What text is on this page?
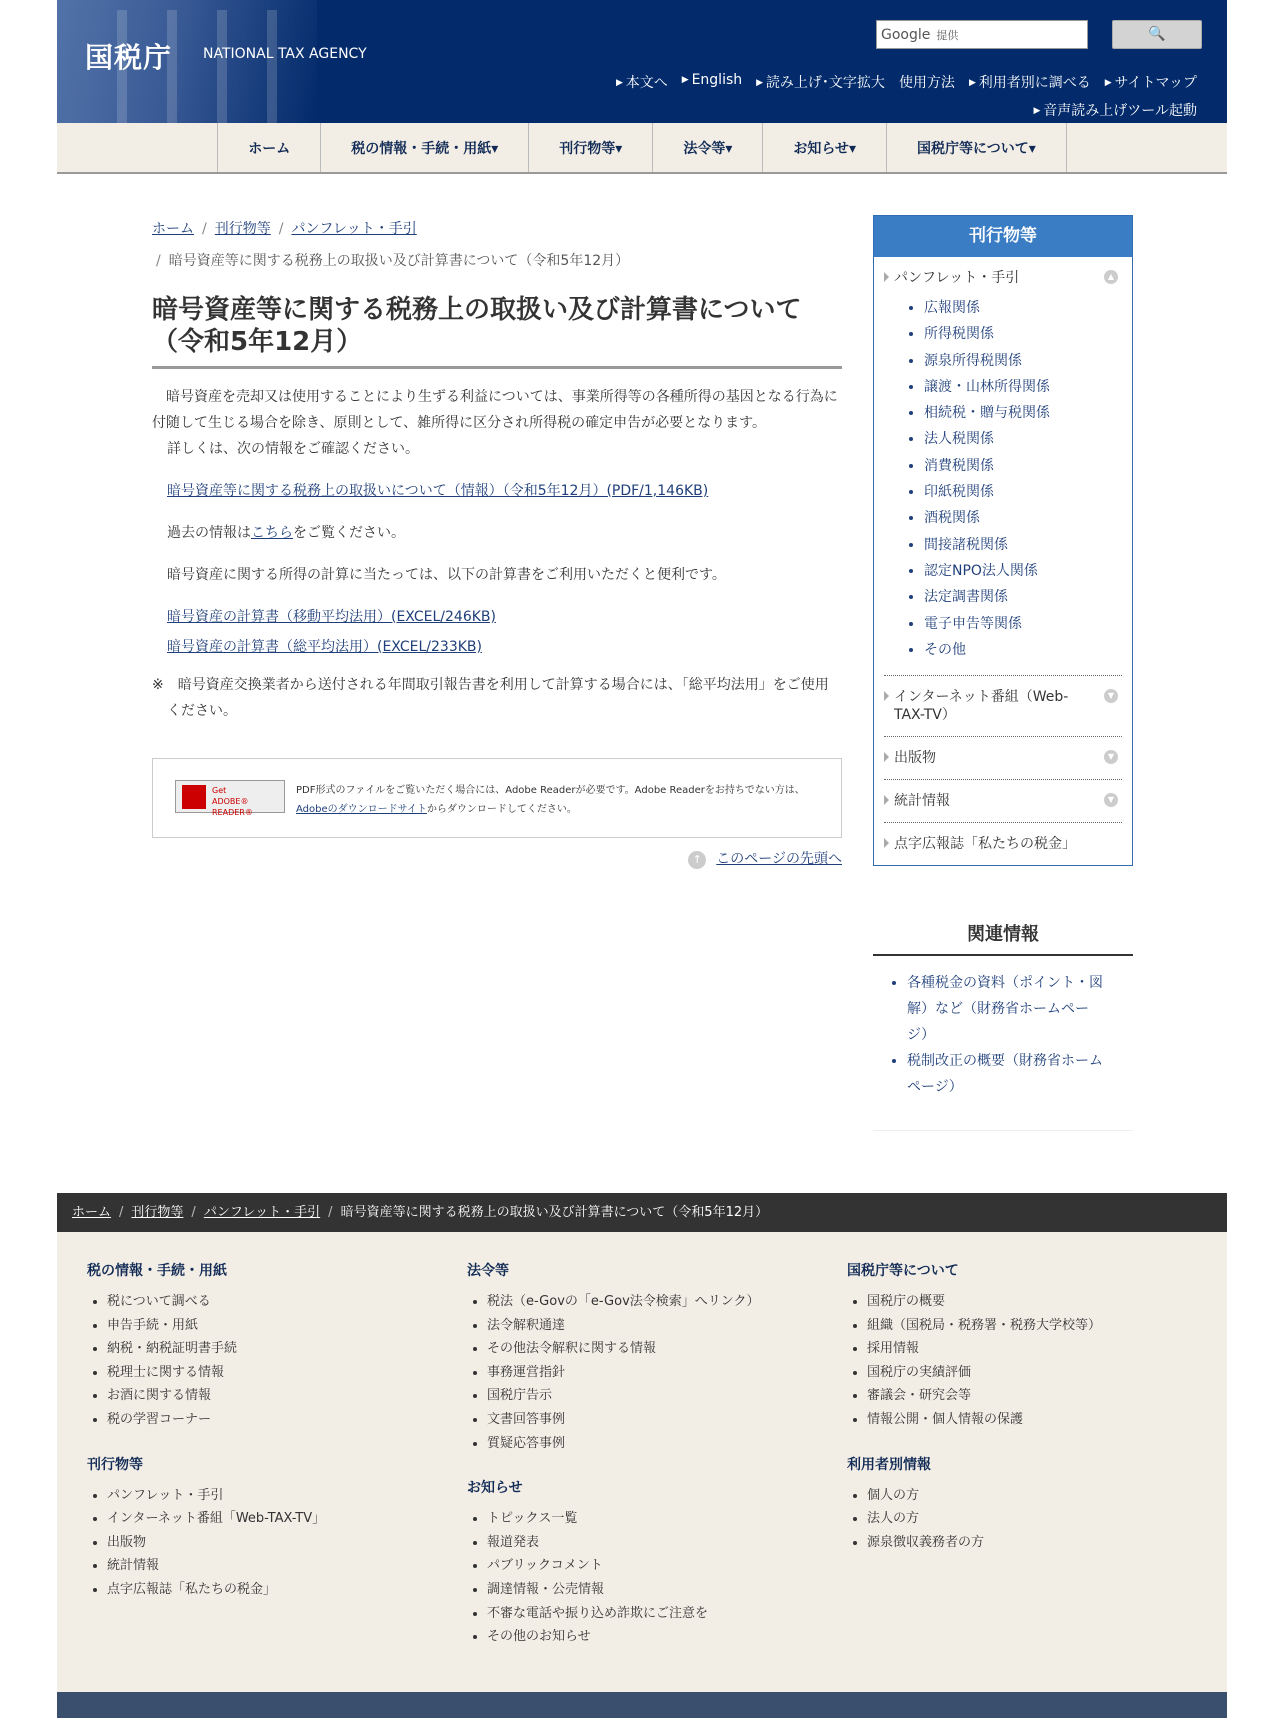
国税庁 NATIONAL TAX AGENCY
Google 提供	🔍
▶ 本文へ	▶ English	▶ 読み上げ･文字拡大 使用方法	▶ 利用者別に調べる	▶ サイトマップ
▶ 音声読み上げツール起動
ホーム	税の情報・手続・用紙▾	刊行物等▾	法令等▾	お知らせ▾	国税庁等について▾
ホーム / 刊行物等 / パンフレット・手引
/ 暗号資産等に関する税務上の取扱い及び計算書について（令和5年12月）
暗号資産等に関する税務上の取扱い及び計算書について（令和5年12月）

　暗号資産を売却又は使用することにより生ずる利益については、事業所得等の各種所得の基因となる行為に付随して生じる場合を除き、原則として、雑所得に区分され所得税の確定申告が必要となります。

詳しくは、次の情報をご確認ください。

暗号資産等に関する税務上の取扱いについて（情報）（令和5年12月）(PDF/1,146KB)

過去の情報はこちらをご覧ください。

暗号資産に関する所得の計算に当たっては、以下の計算書をご利用いただくと便利です。

暗号資産の計算書（移動平均法用）(EXCEL/246KB)

暗号資産の計算書（総平均法用）(EXCEL/233KB)

※　暗号資産交換業者から送付される年間取引報告書を利用して計算する場合には、「総平均法用」をご使用ください。

Get
ADOBE® READER®
PDF形式のファイルをご覧いただく場合には、Adobe Readerが必要です。Adobe Readerをお持ちでない方は、Adobeのダウンロードサイトからダウンロードしてください。
↑ このページの先頭へ
刊行物等
パンフレット・手引	▲
• 広報関係
• 所得税関係
• 源泉所得税関係
• 譲渡・山林所得関係
• 相続税・贈与税関係
• 法人税関係
• 消費税関係
• 印紙税関係
• 酒税関係
• 間接諸税関係
• 認定NPO法人関係
• 法定調書関係
• 電子申告等関係
• その他
インターネット番組（Web-TAX-TV）
▼
出版物	▼
統計情報	▼
点字広報誌「私たちの税金」
関連情報
• 各種税金の資料（ポイント・図解）など（財務省ホームページ）
• 税制改正の概要（財務省ホームページ）
ホーム / 刊行物等 / パンフレット・手引 / 暗号資産等に関する税務上の取扱い及び計算書について（令和5年12月）
税の情報・手続・用紙
• 税について調べる
• 申告手続・用紙
• 納税・納税証明書手続
• 税理士に関する情報
• お酒に関する情報
• 税の学習コーナー
刊行物等
• パンフレット・手引
• インターネット番組「Web-TAX-TV」
• 出版物
• 統計情報
• 点字広報誌「私たちの税金」
法令等
• 税法（e-Govの「e-Gov法令検索」へリンク）
• 法令解釈通達
• その他法令解釈に関する情報
• 事務運営指針
• 国税庁告示
• 文書回答事例
• 質疑応答事例
お知らせ
• トピックス一覧
• 報道発表
• パブリックコメント
• 調達情報・公売情報
• 不審な電話や振り込め詐欺にご注意を
• その他のお知らせ
国税庁等について
• 国税庁の概要
• 組織（国税局・税務署・税務大学校等）
• 採用情報
• 国税庁の実績評価
• 審議会・研究会等
• 情報公開・個人情報の保護
利用者別情報
• 個人の方
• 法人の方
• 源泉徴収義務者の方
